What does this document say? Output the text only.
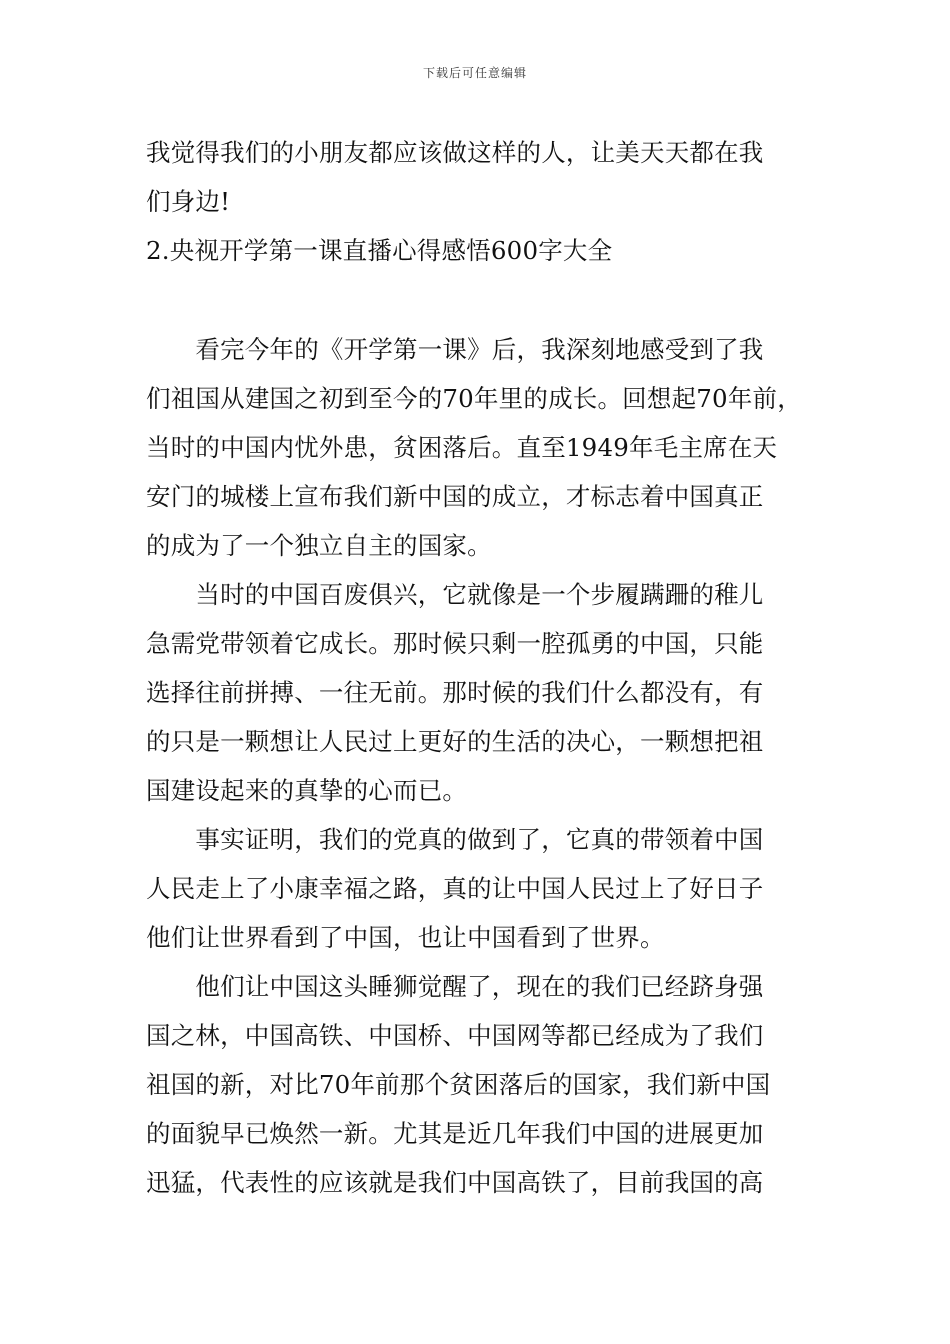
下载后可任意编辑
我觉得我们的小朋友都应该做这样的人，让美天天都在我
们身边!
2.央视开学第一课直播心得感悟600字大全
　　看完今年的《开学第一课》后，我深刻地感受到了我
们祖国从建国之初到至今的70年里的成长。回想起70年前，
当时的中国内忧外患，贫困落后。直至1949年毛主席在天
安门的城楼上宣布我们新中国的成立，才标志着中国真正
的成为了一个独立自主的国家。
　　当时的中国百废俱兴，它就像是一个步履蹒跚的稚儿
急需党带领着它成长。那时候只剩一腔孤勇的中国，只能
选择往前拼搏、一往无前。那时候的我们什么都没有，有
的只是一颗想让人民过上更好的生活的决心，一颗想把祖
国建设起来的真挚的心而已。
　　事实证明，我们的党真的做到了，它真的带领着中国
人民走上了小康幸福之路，真的让中国人民过上了好日子
他们让世界看到了中国，也让中国看到了世界。
　　他们让中国这头睡狮觉醒了，现在的我们已经跻身强
国之林，中国高铁、中国桥、中国网等都已经成为了我们
祖国的新，对比70年前那个贫困落后的国家，我们新中国
的面貌早已焕然一新。尤其是近几年我们中国的进展更加
迅猛，代表性的应该就是我们中国高铁了，目前我国的高
